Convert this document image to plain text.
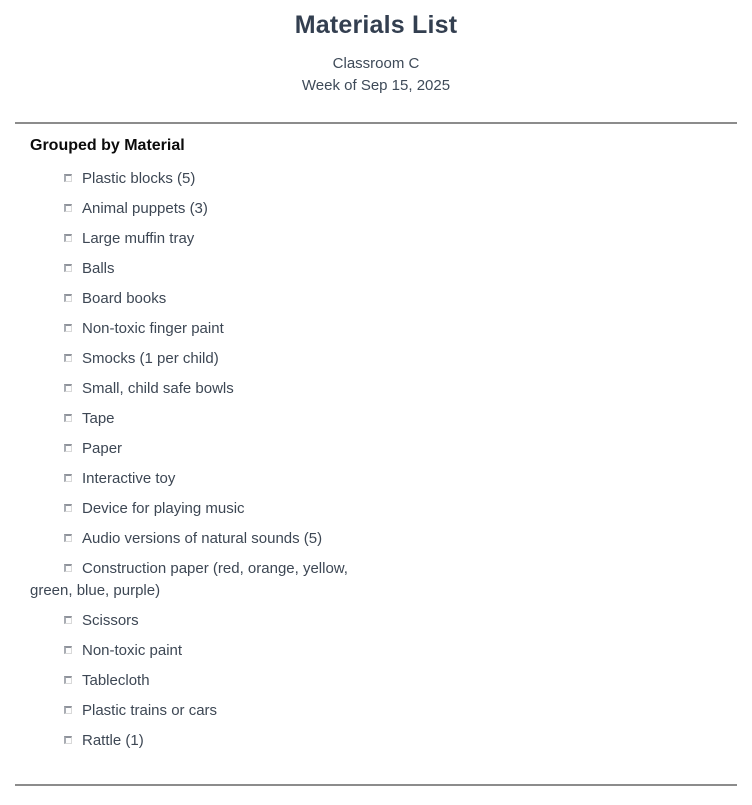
Materials List
Classroom C
Week of Sep 15, 2025
Grouped by Material
Plastic blocks (5)
Animal puppets (3)
Large muffin tray
Balls
Board books
Non-toxic finger paint
Smocks (1 per child)
Small, child safe bowls
Tape
Paper
Interactive toy
Device for playing music
Audio versions of natural sounds (5)
Construction paper (red, orange, yellow, green, blue, purple)
Scissors
Non-toxic paint
Tablecloth
Plastic trains or cars
Rattle (1)
